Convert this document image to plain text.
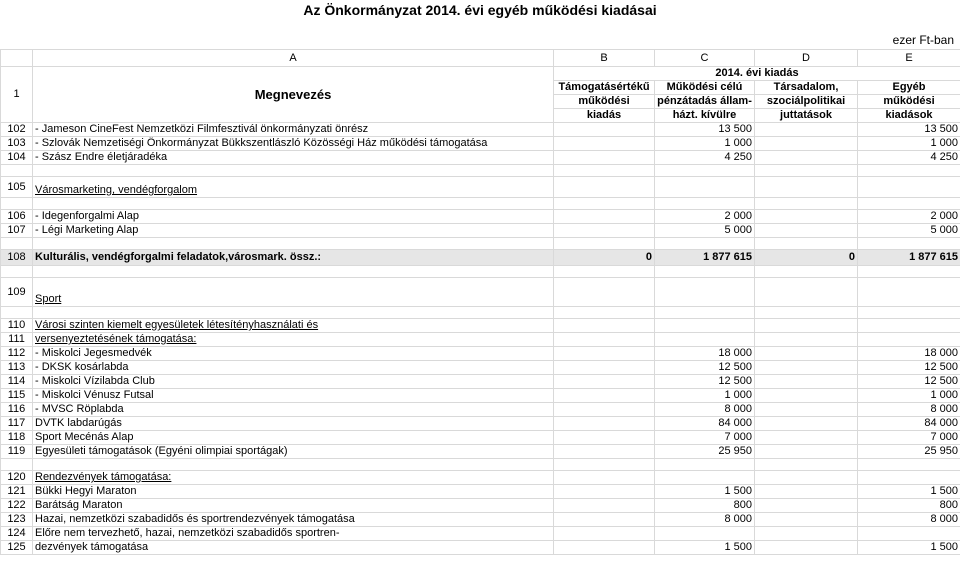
Az Önkormányzat 2014. évi egyéb működési kiadásai
ezer Ft-ban
	A	B	C	D	E
1	Megnevezés	2014. évi kiadás			
		Támogatásértékű	Működési célú	Társadalom,	Egyéb
		működési	pénzátadás állam-	szociálpolitikai	működési
		kiadás	házt. kívülre	juttatások	kiadások
102	- Jameson CineFest Nemzetközi Filmfesztivál önkormányzati önrész		13 500		13 500
103	- Szlovák Nemzetiségi Önkormányzat Bükkszentlászló Közösségi Ház működési támogatása		1 000		1 000
104	- Szász Endre életjáradéka		4 250		4 250

105	Városmarketing, vendégforgalom				

106	- Idegenforgalmi Alap		2 000		2 000
107	- Légi Marketing Alap		5 000		5 000

108	Kulturális, vendégforgalmi feladatok,városmark. össz.:	0	1 877 615	0	1 877 615

109	Sport				

110	Városi szinten kiemelt egyesületek létesítényhasználati és				
111	versenyeztetésének támogatása:				
112	- Miskolci Jegesmedvék		18 000		18 000
113	- DKSK kosárlabda		12 500		12 500
114	- Miskolci Vízilabda Club		12 500		12 500
115	- Miskolci Vénusz Futsal		1 000		1 000
116	- MVSC Röplabda		8 000		8 000
117	DVTK labdarúgás		84 000		84 000
118	Sport Mecénás Alap		7 000		7 000
119	Egyesületi támogatások (Egyéni olimpiai sportágak)		25 950		25 950

120	Rendezvények támogatása:				
121	Bükki Hegyi Maraton		1 500		1 500
122	Barátság Maraton		800		800
123	Hazai, nemzetközi szabadidős és sportrendezvények támogatása		8 000		8 000
124	Előre nem tervezhető, hazai, nemzetközi szabadidős sportren-				
125	dezvények támogatása		1 500		1 500
